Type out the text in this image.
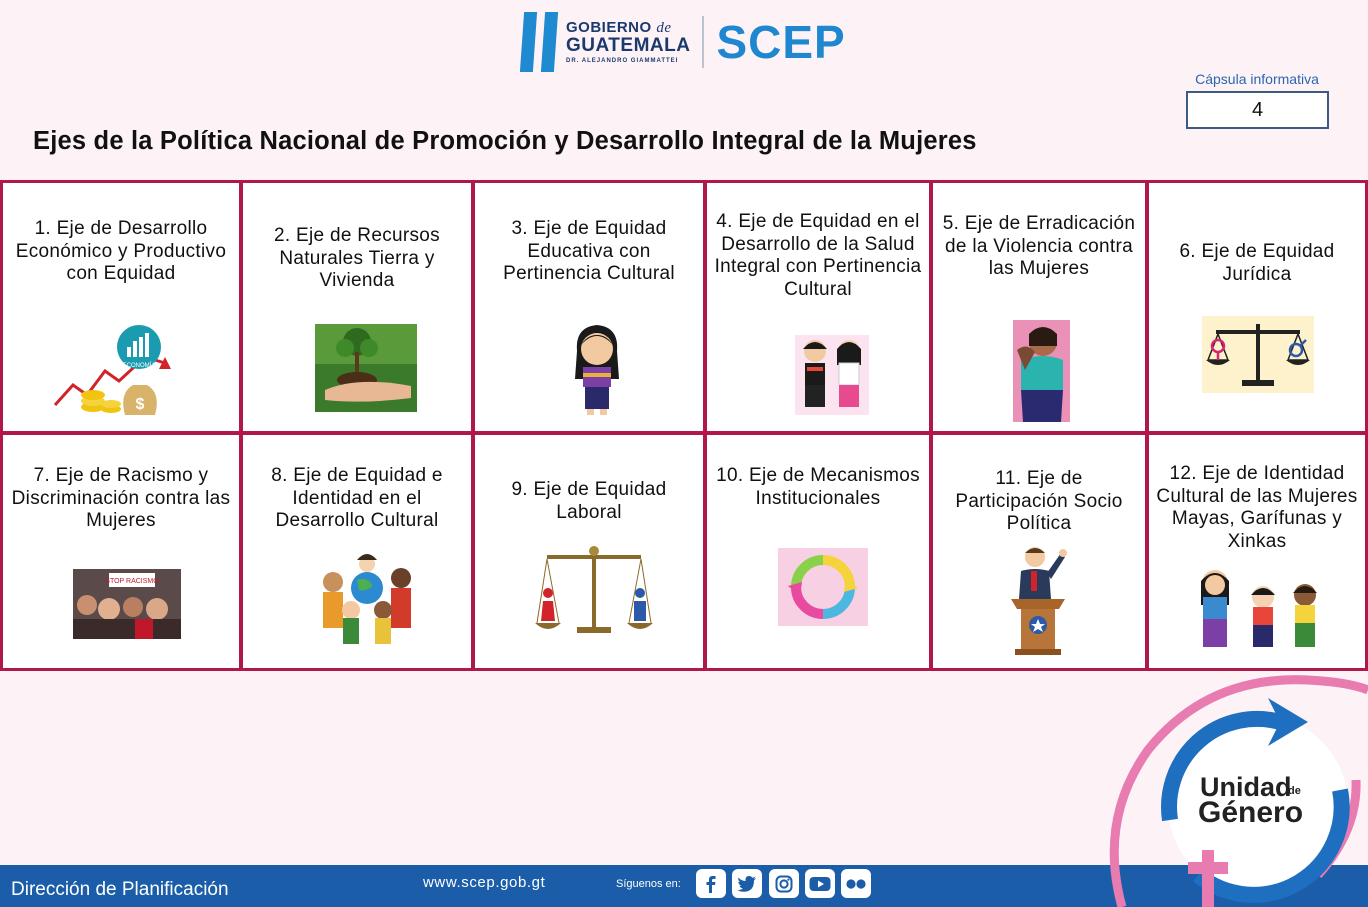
GOBIERNO de
GUATEMALA
DR. ALEJANDRO GIAMMATTEI SCEP
Cápsula informativa
4
Ejes de la Política Nacional de Promoción y Desarrollo Integral de la Mujeres
1. Eje de Desarrollo Económico y Productivo con Equidad
ECONOMÍA
$
2. Eje de Recursos Naturales Tierra y Vivienda
3. Eje de Equidad Educativa con Pertinencia Cultural
4. Eje de Equidad en el Desarrollo de la Salud Integral con Pertinencia Cultural
5. Eje de Erradicación de la Violencia contra las Mujeres
6. Eje de Equidad Jurídica
7. Eje de Racismo y Discriminación contra las Mujeres
STOP RACISMO
8. Eje de Equidad e Identidad en el Desarrollo Cultural
9. Eje de Equidad Laboral
10. Eje de Mecanismos Institucionales
11. Eje de Participación Socio Política
12. Eje de Identidad Cultural de las Mujeres Mayas, Garífunas y Xinkas
Dirección de Planificación	www.scep.gob.gt	Síguenos en:
Unidad
de
Género
